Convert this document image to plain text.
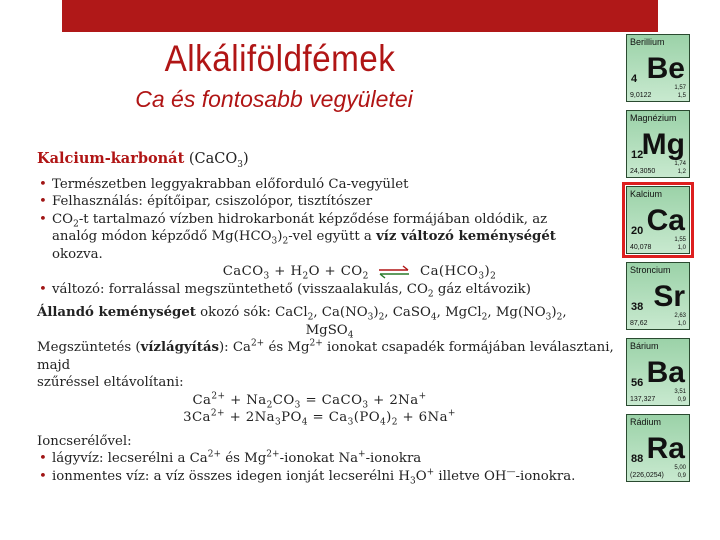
Alkáliföldfémek
Ca és fontosabb vegyületei
Kalcium-karbonát (CaCO$_3$)
• Természetben leggyakrabban előforduló Ca-vegyület
• Felhasználás: építőipar, csiszolópor, tisztítószer
• $CO_2-t$ tartalmazó vízben hidrokarbonát képződése formájában oldódik, az
analóg módon képződő $Mg(HCO_3)_2$-vel együtt a víz változó keménységét
okozva.
CaCO$_3$ + $H_2O + CO_2$ ⇌ $Ca(HCO_3)_2$
• változó: forralással megszüntethető (visszaalakulás, $CO_2$ gáz eltávozik)
Állandó keménységet okozó sók: CaCl$_2$, $Ca(NO_3)_2$, CaSO$_4$, MgCl$_2$, $Mg(NO_3)_2$,
MgSO$_4$
Megszüntetés (vízlágyítás): $Ca^{2+}$ és $Mg^{2+}$ ionokat csapadék formájában leválasztani, majd
szűréssel eltávolítani:
$Ca^{2+} + Na_2CO_3$ = CaCO$_3$ + 2Na+
$3Ca^{2+} + 2Na_3PO_4 = Ca_3(PO_4)_2 + 6Na^+$
Ioncserélővel:
• lágyvíz: lecserélni a $Ca^{2+}$ és $Mg^{2+}$-ionokat Na+-ionokra
• ionmentes víz: a víz összes idegen ionját lecserélni $H_3O^+$ illetve OH—-ionokra.
Berillium
Be
4
9,0122
1,57
1,5
Magnézium
Mg
12
24,3050
1,74
1,2
Kalcium
Ca
20
40,078
1,55
1,0
Stroncium
Sr
38
87,62
2,63
1,0
Bárium
Ba
56
137,327
3,51
0,9
Rádium
Ra
88
(226,0254)
5,00
0,9
